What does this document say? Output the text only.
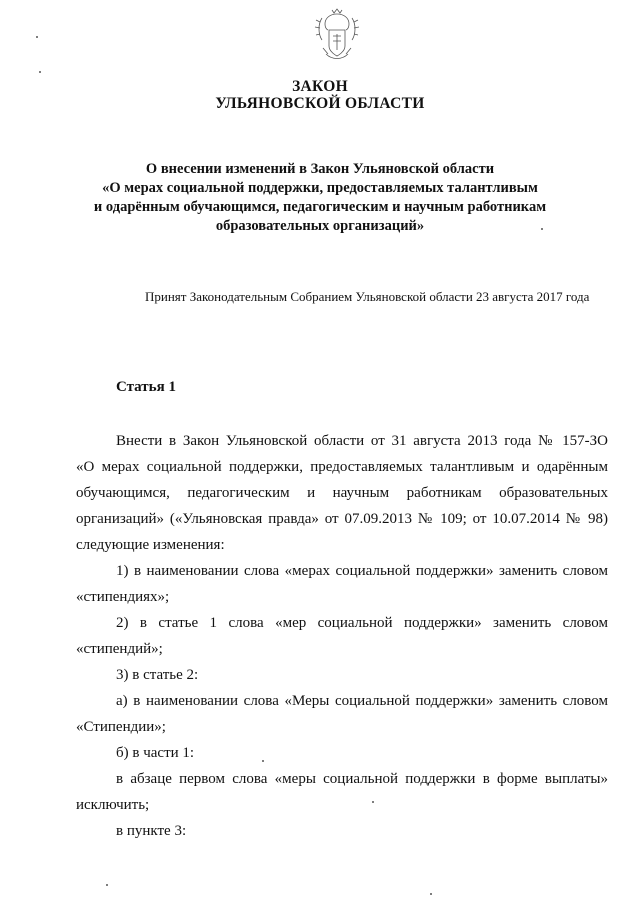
ЗАКОН
УЛЬЯНОВСКОЙ ОБЛАСТИ
О внесении изменений в Закон Ульяновской области
«О мерах социальной поддержки, предоставляемых талантливым
и одарённым обучающимся, педагогическим и научным работникам
образовательных организаций»
Принят Законодательным Собранием Ульяновской области 23 августа 2017 года
Статья 1

Внести в Закон Ульяновской области от 31 августа 2013 года № 157-ЗО

«О мерах социальной поддержки, предоставляемых талантливым и одарённым

обучающимся, педагогическим и научным работникам образовательных

организаций» («Ульяновская правда» от 07.09.2013 № 109; от 10.07.2014 № 98)

следующие изменения:

1) в наименовании слова «мерах социальной поддержки» заменить словом

«стипендиях»;

2) в статье 1 слова «мер социальной поддержки» заменить словом

«стипендий»;

3) в статье 2:

а) в наименовании слова «Меры социальной поддержки» заменить словом

«Стипендии»;

б) в части 1:

в абзаце первом слова «меры социальной поддержки в форме выплаты»

исключить;

в пункте 3:
